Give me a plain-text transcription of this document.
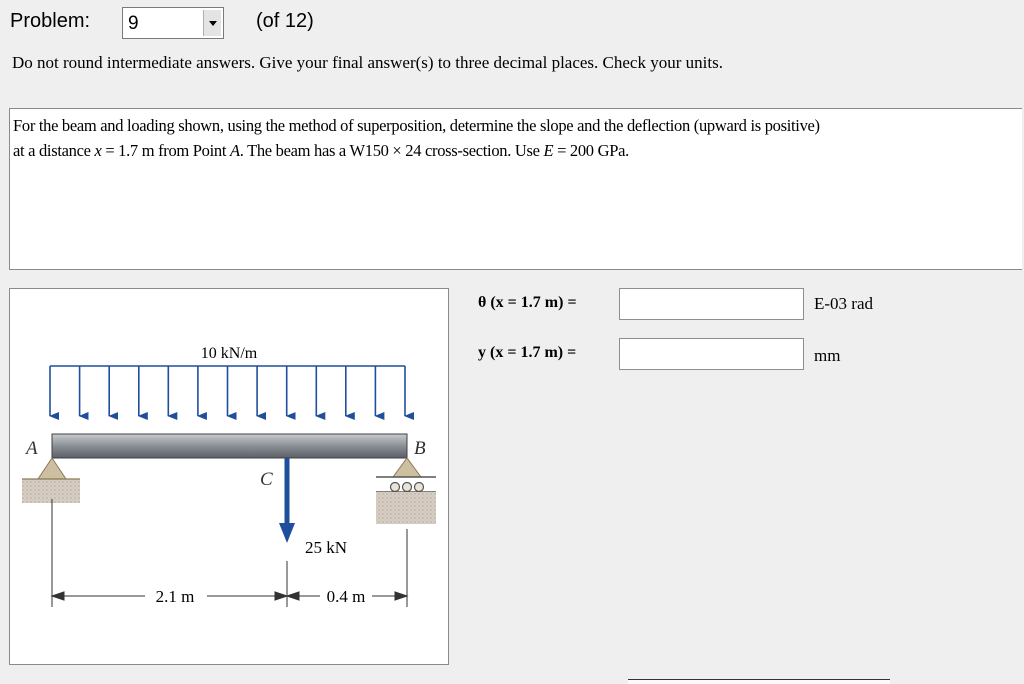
Problem: 9	(of 12)
Do not round intermediate answers. Give your final answer(s) to three decimal places. Check your units.
For the beam and loading shown, using the method of superposition, determine the slope and the deflection (upward is positive)
at a distance x = 1.7 m from Point A. The beam has a W150 × 24 cross-section. Use E = 200 GPa.
10 kN/m
A	B
C
25 kN
2.1 m	0.4 m
θ (x = 1.7 m) =	E-03 rad
y (x = 1.7 m) =	mm
